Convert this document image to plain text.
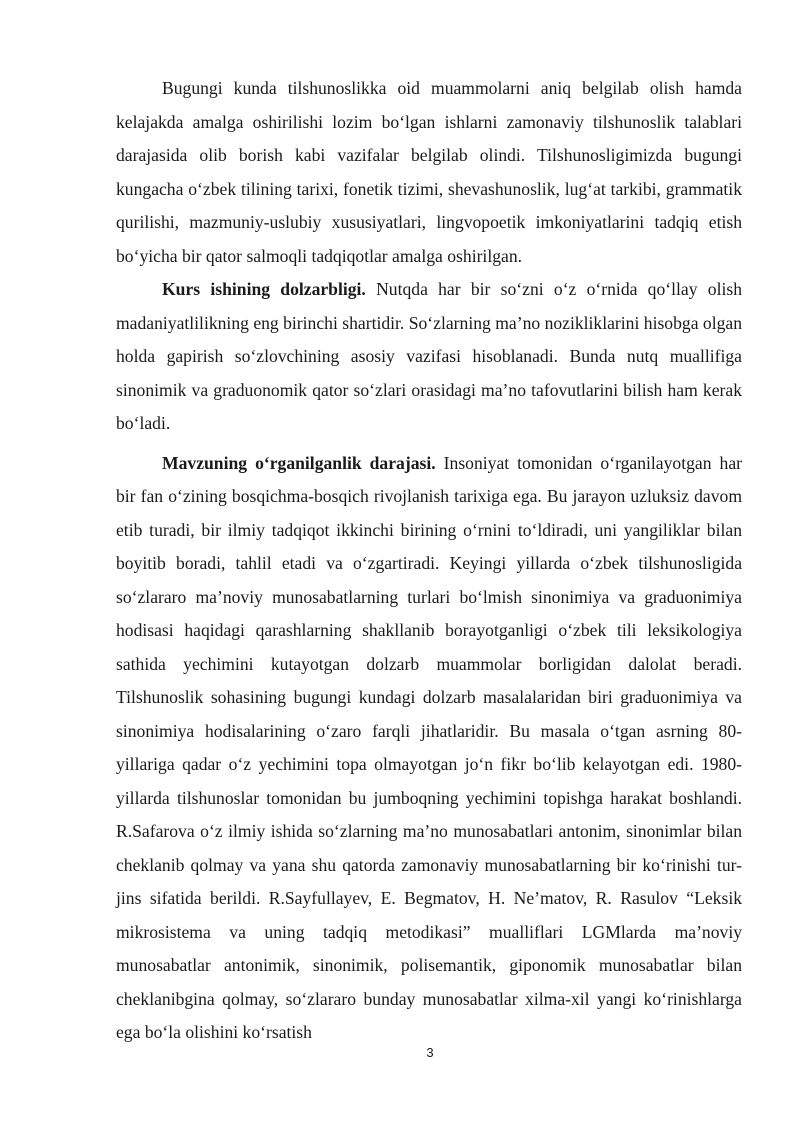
Bugungi kunda tilshunoslikka oid muammolarni aniq belgilab olish hamda kelajakda amalga oshirilishi lozim bo‘lgan ishlarni zamonaviy tilshunoslik talablari darajasida olib borish kabi vazifalar belgilab olindi. Tilshunosligimizda bugungi kungacha o‘zbek tilining tarixi, fonetik tizimi, shevashunoslik, lug‘at tarkibi, grammatik qurilishi, mazmuniy-uslubiy xususiyatlari, lingvopoetik imkoniyatlarini tadqiq etish bo‘yicha bir qator salmoqli tadqiqotlar amalga oshirilgan.

Kurs ishining dolzarbligi. Nutqda har bir so‘zni o‘z o‘rnida qo‘llay olish madaniyatlilikning eng birinchi shartidir. So‘zlarning ma’no nozikliklarini hisobga olgan holda gapirish so‘zlovchining asosiy vazifasi hisoblanadi. Bunda nutq muallifiga sinonimik va graduonomik qator so‘zlari orasidagi ma’no tafovutlarini bilish ham kerak bo‘ladi.

Mavzuning o‘rganilganlik darajasi. Insoniyat tomonidan o‘rganilayotgan har bir fan o‘zining bosqichma-bosqich rivojlanish tarixiga ega. Bu jarayon uzluksiz davom etib turadi, bir ilmiy tadqiqot ikkinchi birining o‘rnini to‘ldiradi, uni yangiliklar bilan boyitib boradi, tahlil etadi va o‘zgartiradi. Keyingi yillarda o‘zbek tilshunosligida so‘zlararo ma’noviy munosabatlarning turlari bo‘lmish sinonimiya va graduonimiya hodisasi haqidagi qarashlarning shakllanib borayotganligi o‘zbek tili leksikologiya sathida yechimini kutayotgan dolzarb muammolar borligidan dalolat beradi. Tilshunoslik sohasining bugungi kundagi dolzarb masalalaridan biri graduonimiya va sinonimiya hodisalarining o‘zaro farqli jihatlaridir. Bu masala o‘tgan asrning 80-yillariga qadar o‘z yechimini topa olmayotgan jo‘n fikr bo‘lib kelayotgan edi. 1980- yillarda tilshunoslar tomonidan bu jumboqning yechimini topishga harakat boshlandi. R.Safarova o‘z ilmiy ishida so‘zlarning ma’no munosabatlari antonim, sinonimlar bilan cheklanib qolmay va yana shu qatorda zamonaviy munosabatlarning bir ko‘rinishi tur-jins sifatida berildi. R.Sayfullayev, E. Begmatov, H. Ne’matov, R. Rasulov “Leksik mikrosistema va uning tadqiq metodikasi” mualliflari LGMlarda ma’noviy munosabatlar antonimik, sinonimik, polisemantik, giponomik munosabatlar bilan cheklanibgina qolmay, so‘zlararo bunday munosabatlar xilma-xil yangi ko‘rinishlarga ega bo‘la olishini ko‘rsatish

3
